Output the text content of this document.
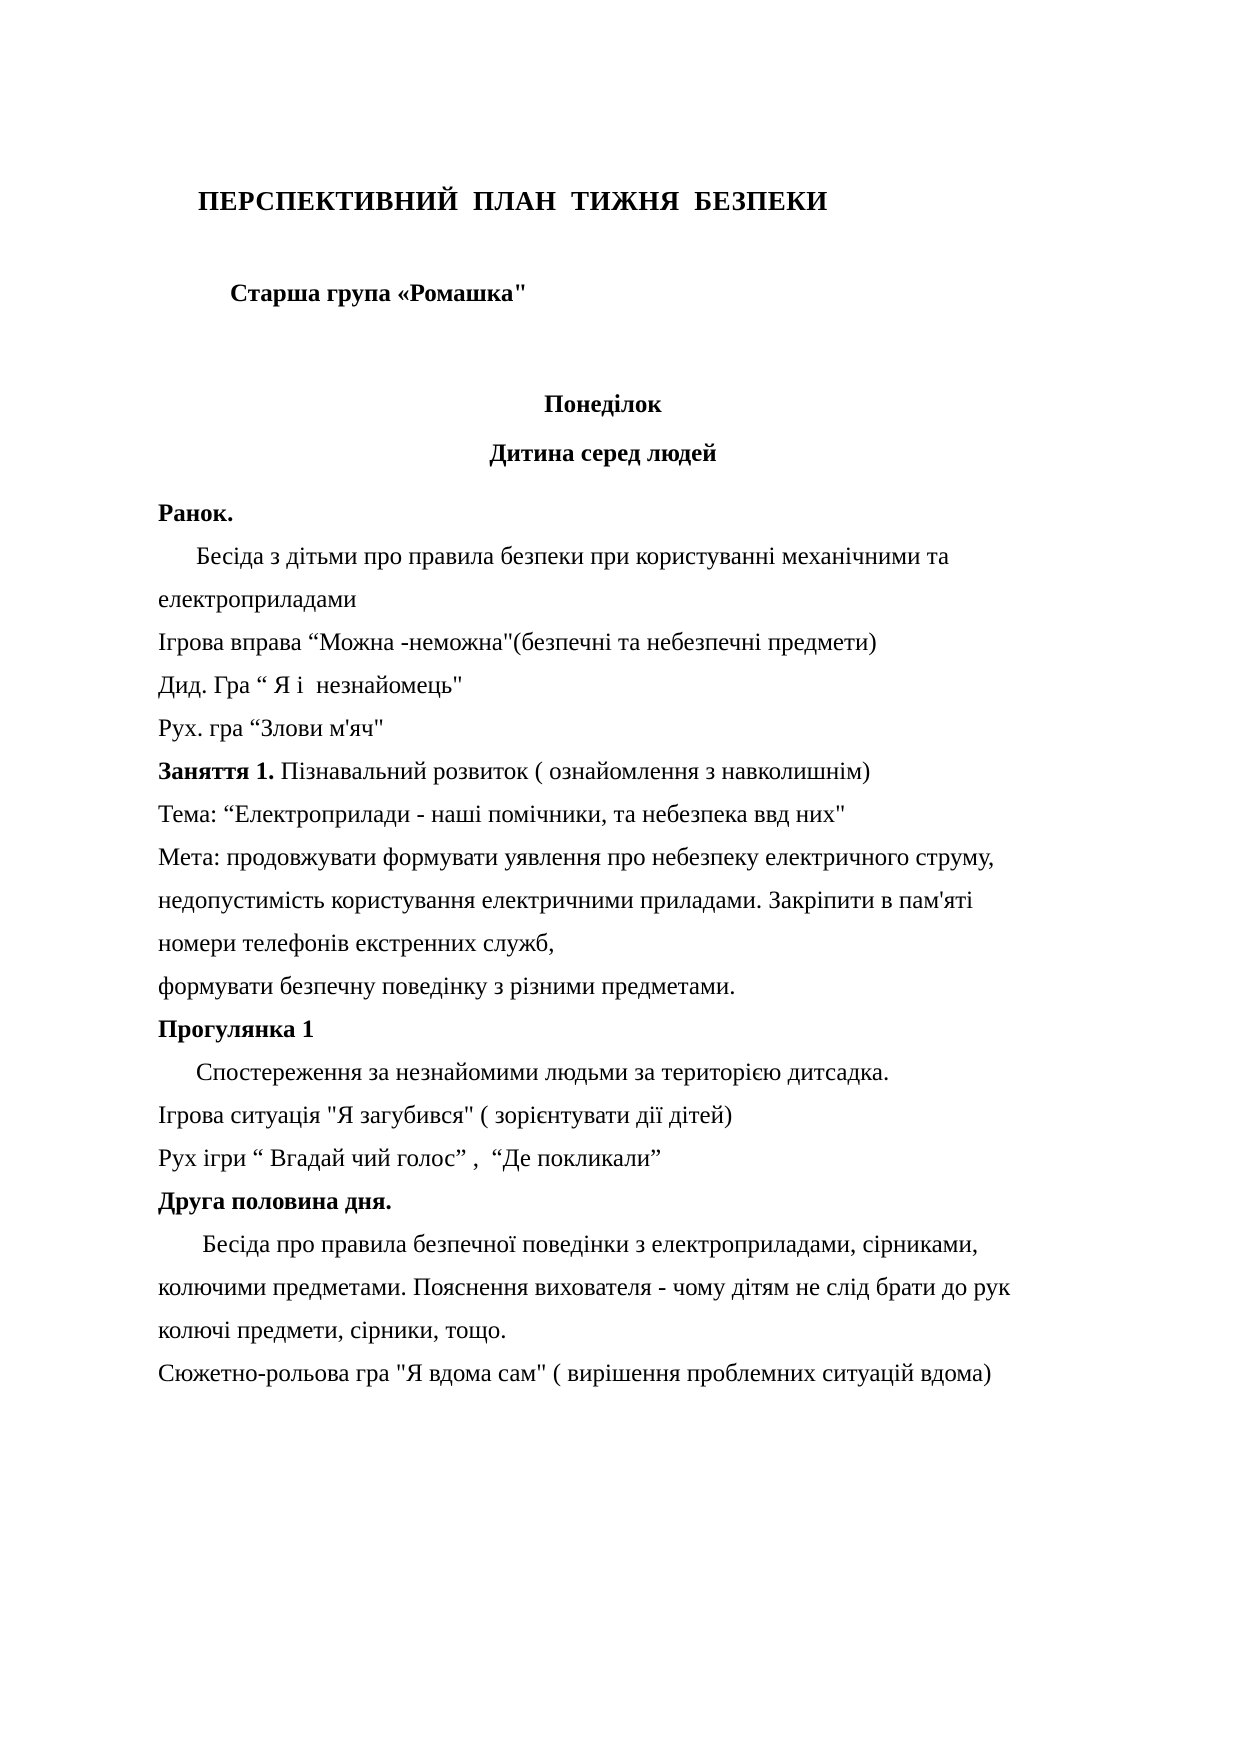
ПЕРСПЕКТИВНИЙ  ПЛАН  ТИЖНЯ  БЕЗПЕКИ
Старша група «Ромашка"
Понеділок
Дитина серед людей

Ранок.

Бесіда з дітьми про правила безпеки при користуванні механічними та електроприладами

Ігрова вправа “Можна -неможна"(безпечні та небезпечні предмети)

Дид. Гра “ Я і  незнайомець"

Рух. гра “Злови м'яч"

Заняття 1. Пізнавальний розвиток ( ознайомлення з навколишнім)

Тема: “Електроприлади - наші помічники, та небезпека ввд них"

Мета: продовжувати формувати уявлення про небезпеку електричного струму, недопустимість користування електричними приладами. Закріпити в пам'яті номери телефонів екстренних служб,

формувати безпечну поведінку з різними предметами.

Прогулянка 1

Спостереження за незнайомими людьми за територією дитсадка.

Ігрова ситуація "Я загубився" ( зорієнтувати дії дітей)

Рух ігри “ Вгадай чий голос” ,  “Де покликали”

Друга половина дня.

Бесіда про правила безпечної поведінки з електроприладами, сірниками, колючими предметами. Пояснення вихователя - чому дітям не слід брати до рук колючі предмети, сірники, тощо.

Сюжетно-рольова гра "Я вдома сам" ( вирішення проблемних ситуацій вдома)
